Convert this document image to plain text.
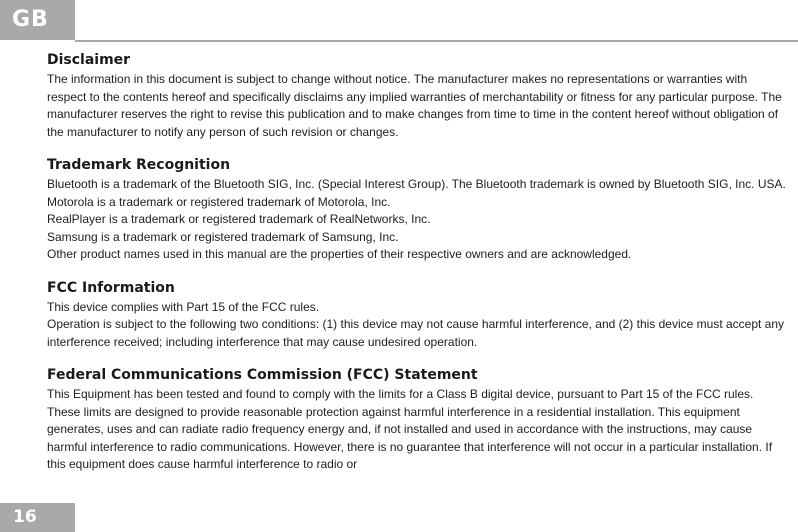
GB
Disclaimer

The information in this document is subject to change without notice. The manufacturer makes no representations or warranties with respect to the contents hereof and specifically disclaims any implied warranties of merchantability or fitness for any particular purpose. The manufacturer reserves the right to revise this publication and to make changes from time to time in the content hereof without obligation of the manufacturer to notify any person of such revision or changes.

Trademark Recognition

Bluetooth is a trademark of the Bluetooth SIG, Inc. (Special Interest Group). The Bluetooth trademark is owned by Bluetooth SIG, Inc. USA.

Motorola is a trademark or registered trademark of Motorola, Inc.

RealPlayer is a trademark or registered trademark of RealNetworks, Inc.

Samsung is a trademark or registered trademark of Samsung, Inc.

Other product names used in this manual are the properties of their respective owners and are acknowledged.

FCC Information

This device complies with Part 15 of the FCC rules.

Operation is subject to the following two conditions: (1) this device may not cause harmful interference, and (2) this device must accept any interference received; including interference that may cause undesired operation.

Federal Communications Commission (FCC) Statement

This Equipment has been tested and found to comply with the limits for a Class B digital device, pursuant to Part 15 of the FCC rules. These limits are designed to provide reasonable protection against harmful interference in a residential installation. This equipment generates, uses and can radiate radio frequency energy and, if not installed and used in accordance with the instructions, may cause harmful interference to radio communications. However, there is no guarantee that interference will not occur in a particular installation. If this equipment does cause harmful interference to radio or

16
